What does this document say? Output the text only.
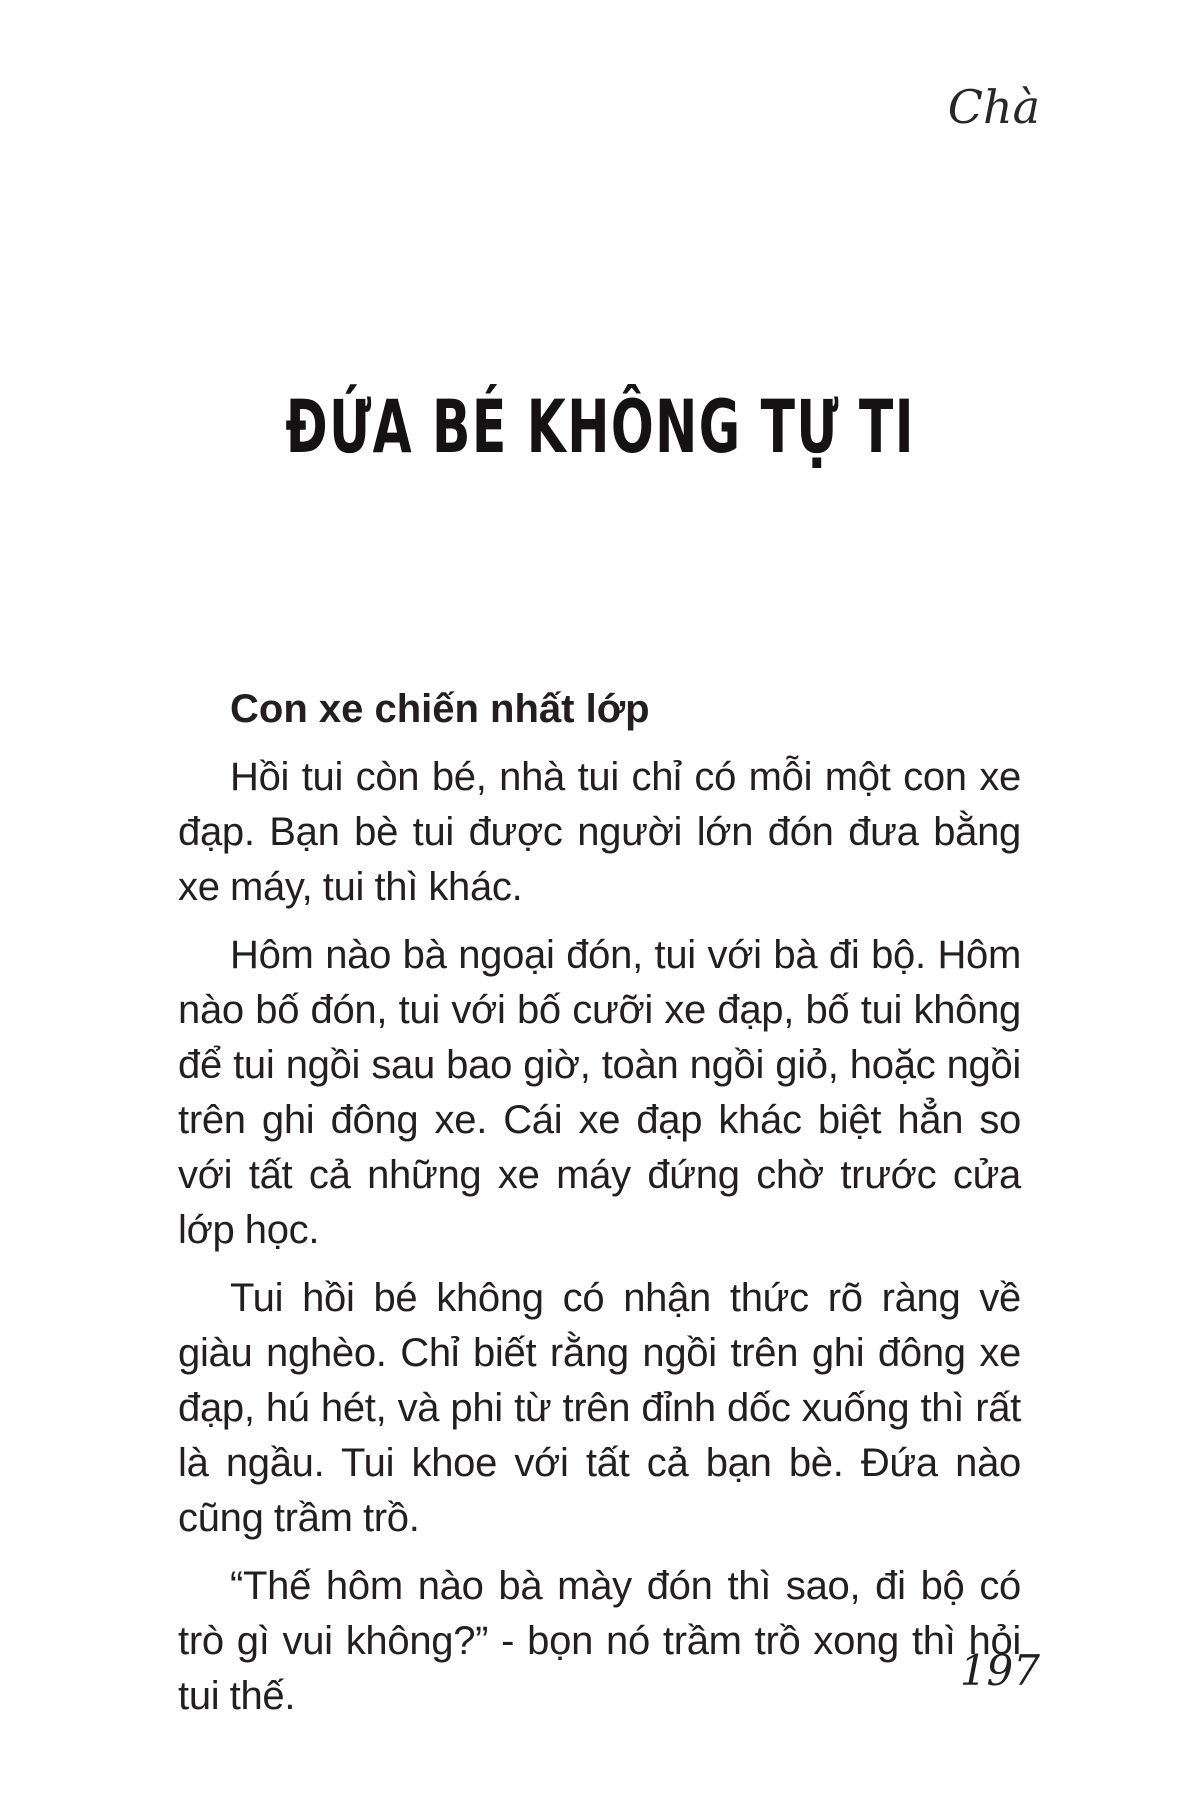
Chà
ĐỨA BÉ KHÔNG TỰ TI
Con xe chiến nhất lớp

Hồi tui còn bé, nhà tui chỉ có mỗi một con xe đạp. Bạn bè tui được người lớn đón đưa bằng xe máy, tui thì khác.

Hôm nào bà ngoại đón, tui với bà đi bộ. Hôm nào bố đón, tui với bố cưỡi xe đạp, bố tui không để tui ngồi sau bao giờ, toàn ngồi giỏ, hoặc ngồi trên ghi đông xe. Cái xe đạp khác biệt hẳn so với tất cả những xe máy đứng chờ trước cửa lớp học.

Tui hồi bé không có nhận thức rõ ràng về giàu nghèo. Chỉ biết rằng ngồi trên ghi đông xe đạp, hú hét, và phi từ trên đỉnh dốc xuống thì rất là ngầu. Tui khoe với tất cả bạn bè. Đứa nào cũng trầm trồ.

“Thế hôm nào bà mày đón thì sao, đi bộ có trò gì vui không?” - bọn nó trầm trồ xong thì hỏi tui thế.

197
